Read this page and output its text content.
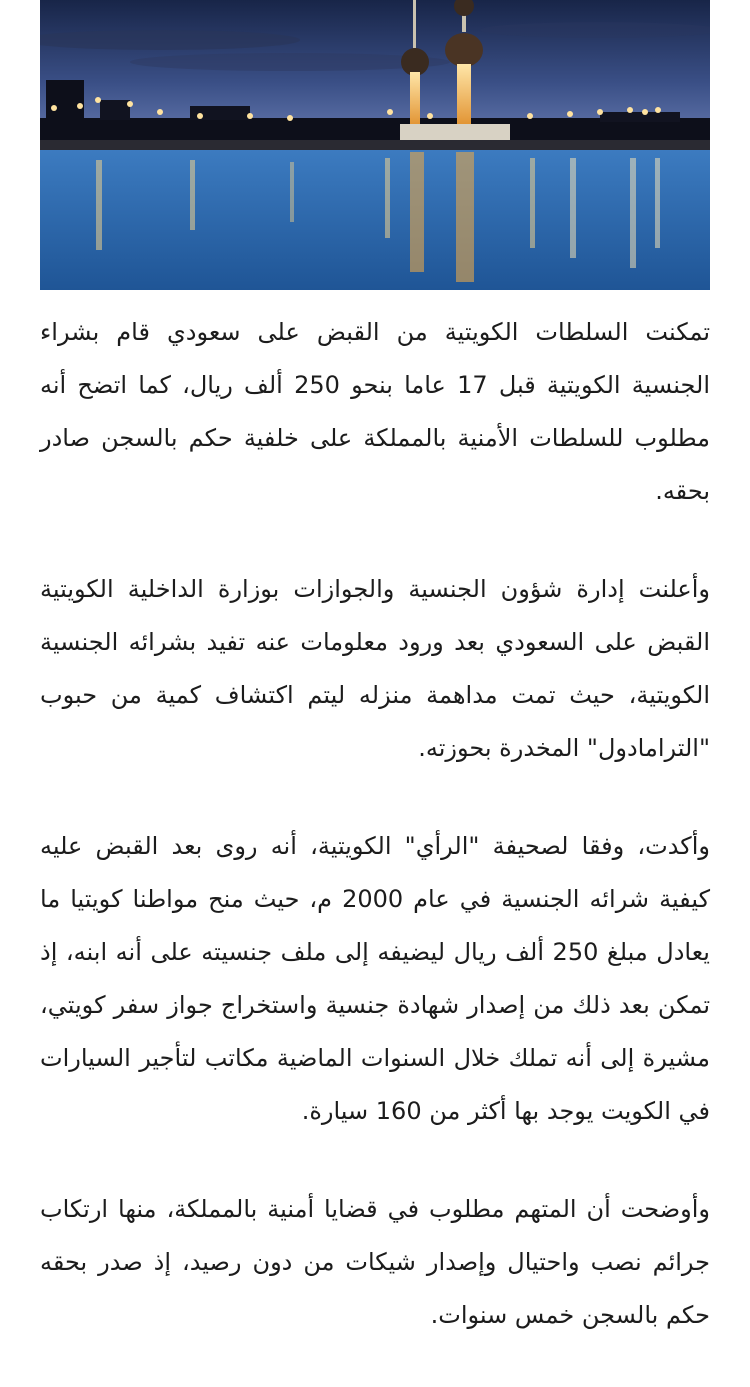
تمكنت السلطات الكويتية من القبض على سعودي قام بشراء الجنسية الكويتية قبل 17 عاما بنحو 250 ألف ريال، كما اتضح أنه مطلوب للسلطات الأمنية بالمملكة على خلفية حكم بالسجن صادر بحقه.

وأعلنت إدارة شؤون الجنسية والجوازات بوزارة الداخلية الكويتية القبض على السعودي بعد ورود معلومات عنه تفيد بشرائه الجنسية الكويتية، حيث تمت مداهمة منزله ليتم اكتشاف كمية من حبوب "الترامادول" المخدرة بحوزته.

وأكدت، وفقا لصحيفة "الرأي" الكويتية، أنه روى بعد القبض عليه كيفية شرائه الجنسية في عام 2000 م، حيث منح مواطنا كويتيا ما يعادل مبلغ 250 ألف ريال ليضيفه إلى ملف جنسيته على أنه ابنه، إذ تمكن بعد ذلك من إصدار شهادة جنسية واستخراج جواز سفر كويتي، مشيرة إلى أنه تملك خلال السنوات الماضية مكاتب لتأجير السيارات في الكويت يوجد بها أكثر من 160 سيارة.

وأوضحت أن المتهم مطلوب في قضايا أمنية بالمملكة، منها ارتكاب جرائم نصب واحتيال وإصدار شيكات من دون رصيد، إذ صدر بحقه حكم بالسجن خمس سنوات.
